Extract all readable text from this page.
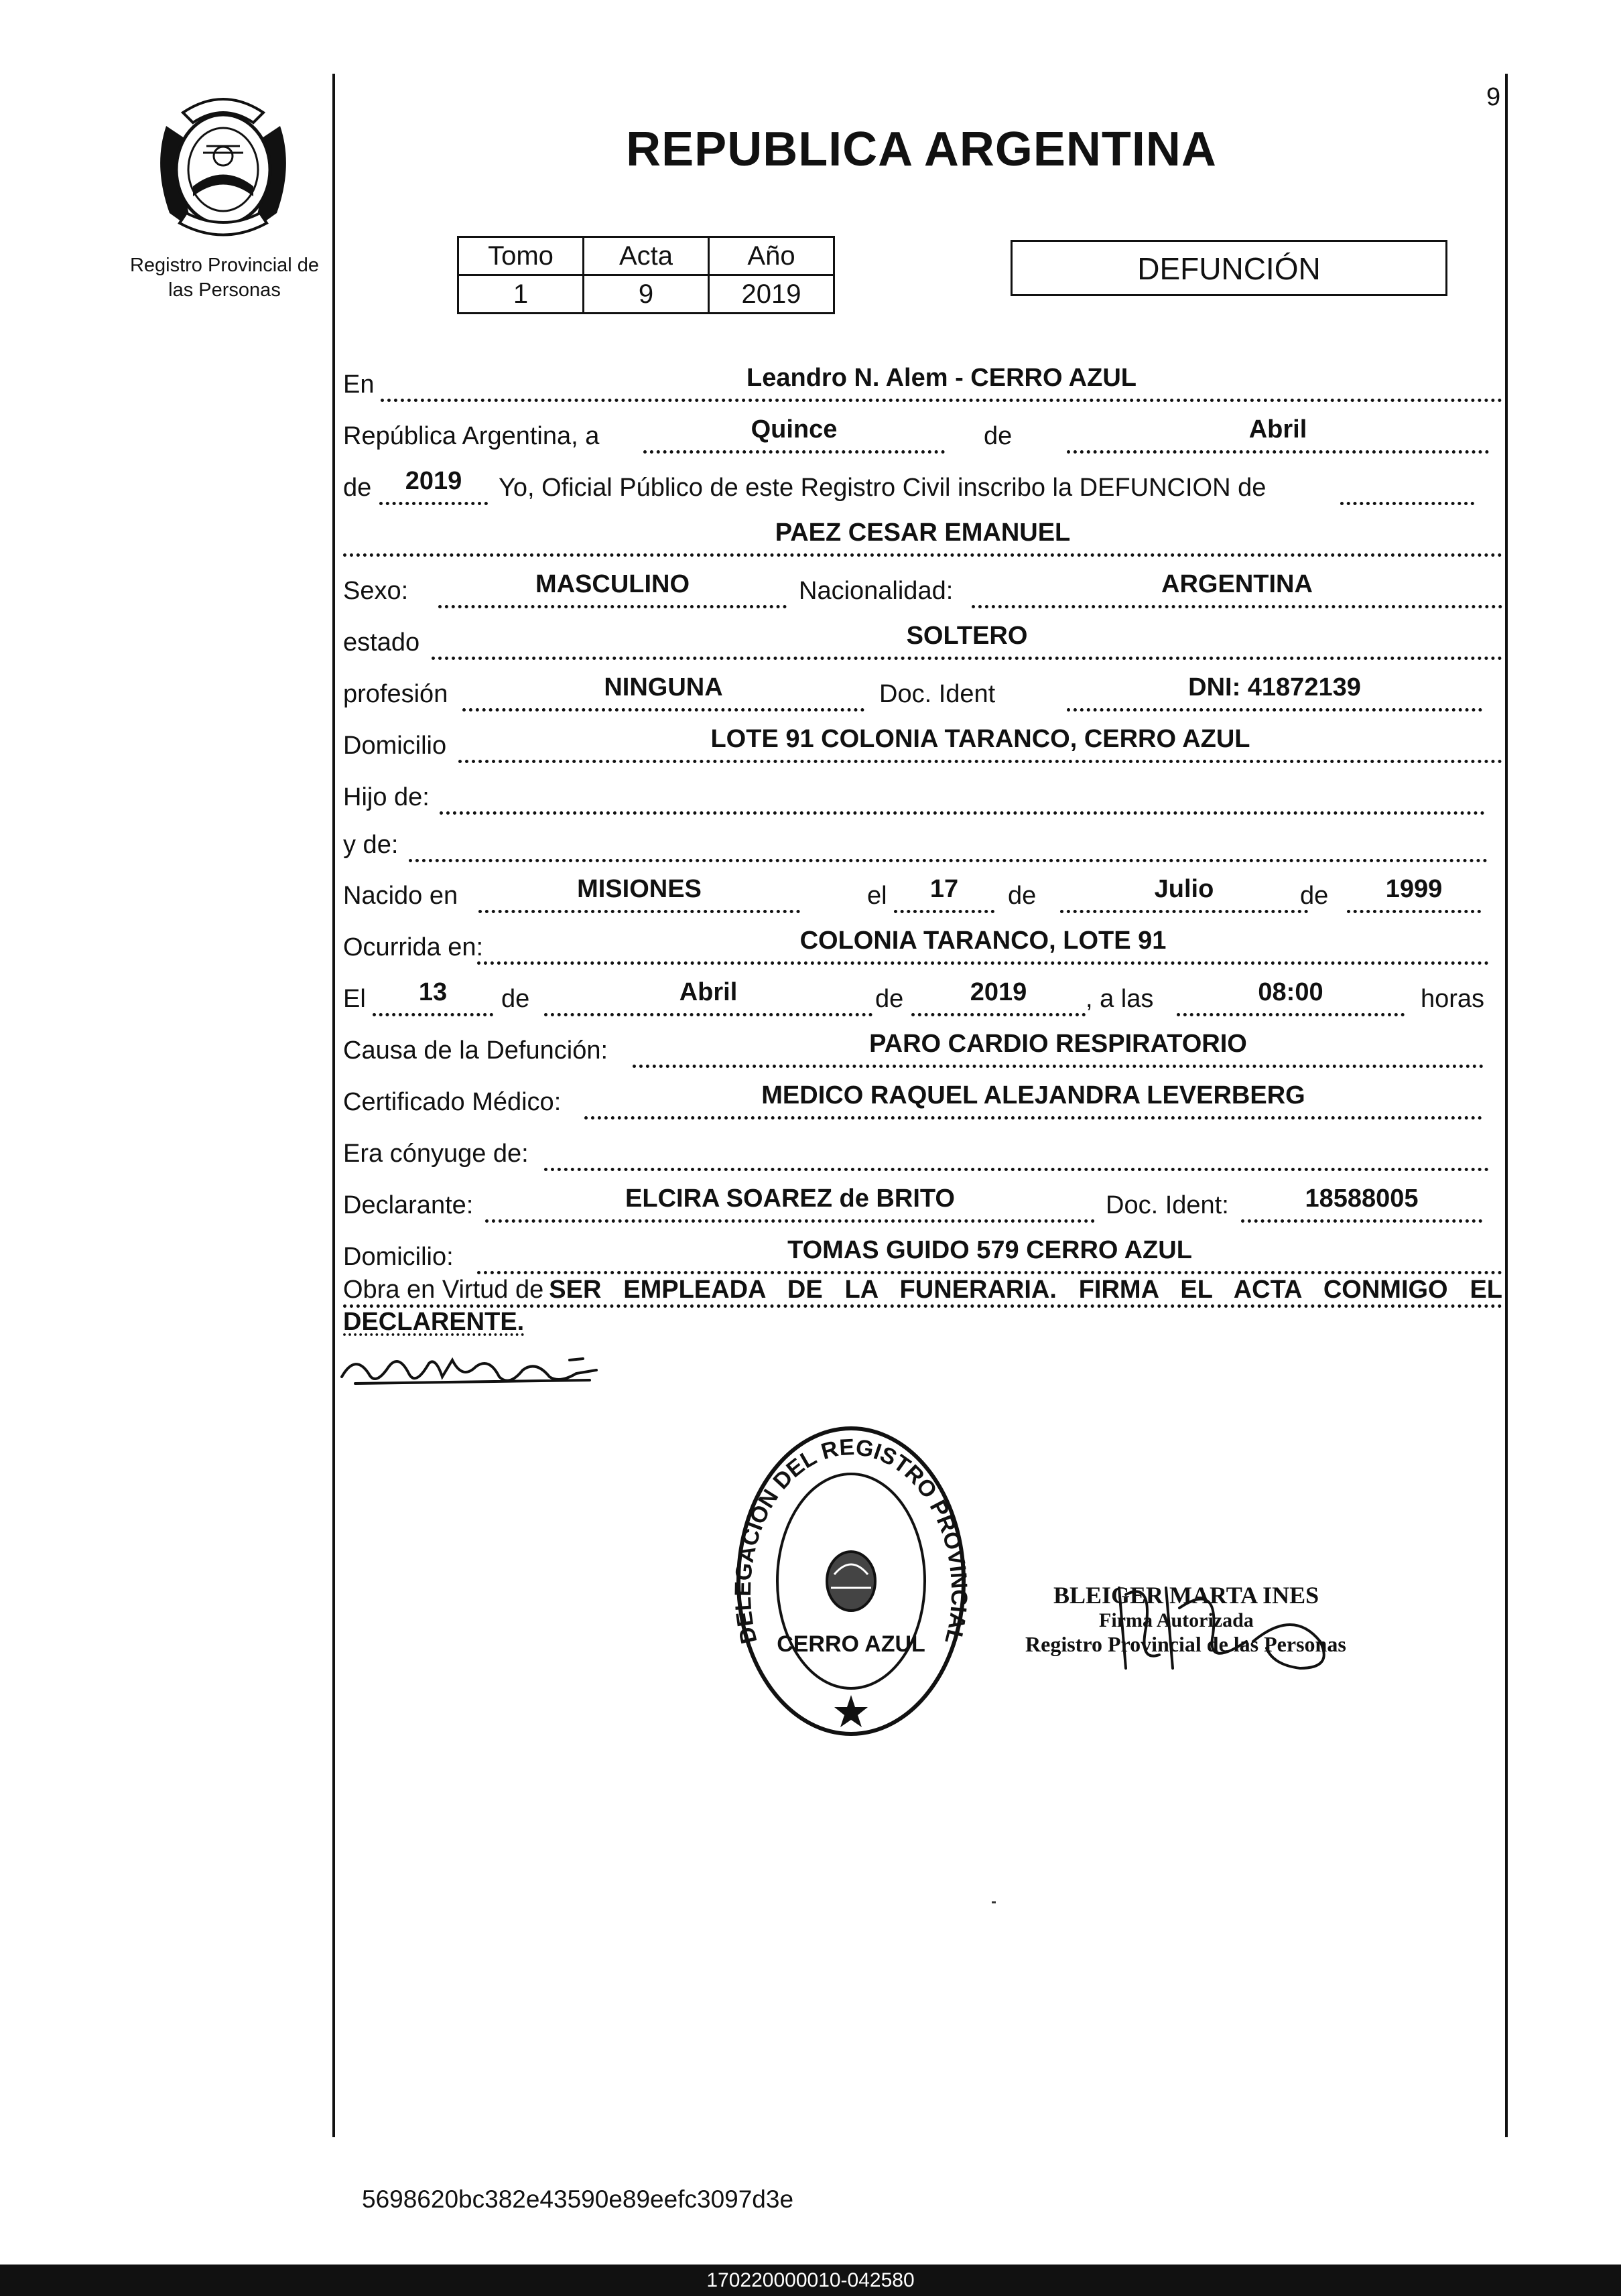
9
Registro Provincial de
las Personas
REPUBLICA ARGENTINA
Tomo	Acta	Año
1	9	2019
DEFUNCIÓN
En	Leandro N. Alem - CERRO AZUL
República Argentina, a	Quince	de	Abril
de	2019	Yo, Oficial Público de este Registro Civil inscribo la DEFUNCION de
PAEZ CESAR EMANUEL
Sexo:	MASCULINO	Nacionalidad:	ARGENTINA
estado	SOLTERO
profesión	NINGUNA	Doc. Ident	DNI: 41872139
Domicilio	LOTE 91 COLONIA TARANCO, CERRO AZUL
Hijo de:
y de:
Nacido en	MISIONES	el	17	de	Julio	de	1999
Ocurrida en:	COLONIA TARANCO, LOTE 91
El	13	de	Abril	de	2019	, a las	08:00	horas
Causa de la Defunción:	PARO CARDIO RESPIRATORIO
Certificado Médico:	MEDICO RAQUEL ALEJANDRA LEVERBERG
Era cónyuge de:
Declarante:	ELCIRA SOAREZ de BRITO	Doc. Ident:	18588005
Domicilio:	TOMAS GUIDO 579 CERRO AZUL
Obra en Virtud de SER EMPLEADA DE LA FUNERARIA. FIRMA EL ACTA CONMIGO EL
DECLARENTE.
DELEGACION DEL REGISTRO PROVINCIAL
CERRO AZUL
BLEIGER MARTA INES
Firma Autorizada
Registro Provincial de las Personas
5698620bc382e43590e89eefc3097d3e
170220000010-042580
